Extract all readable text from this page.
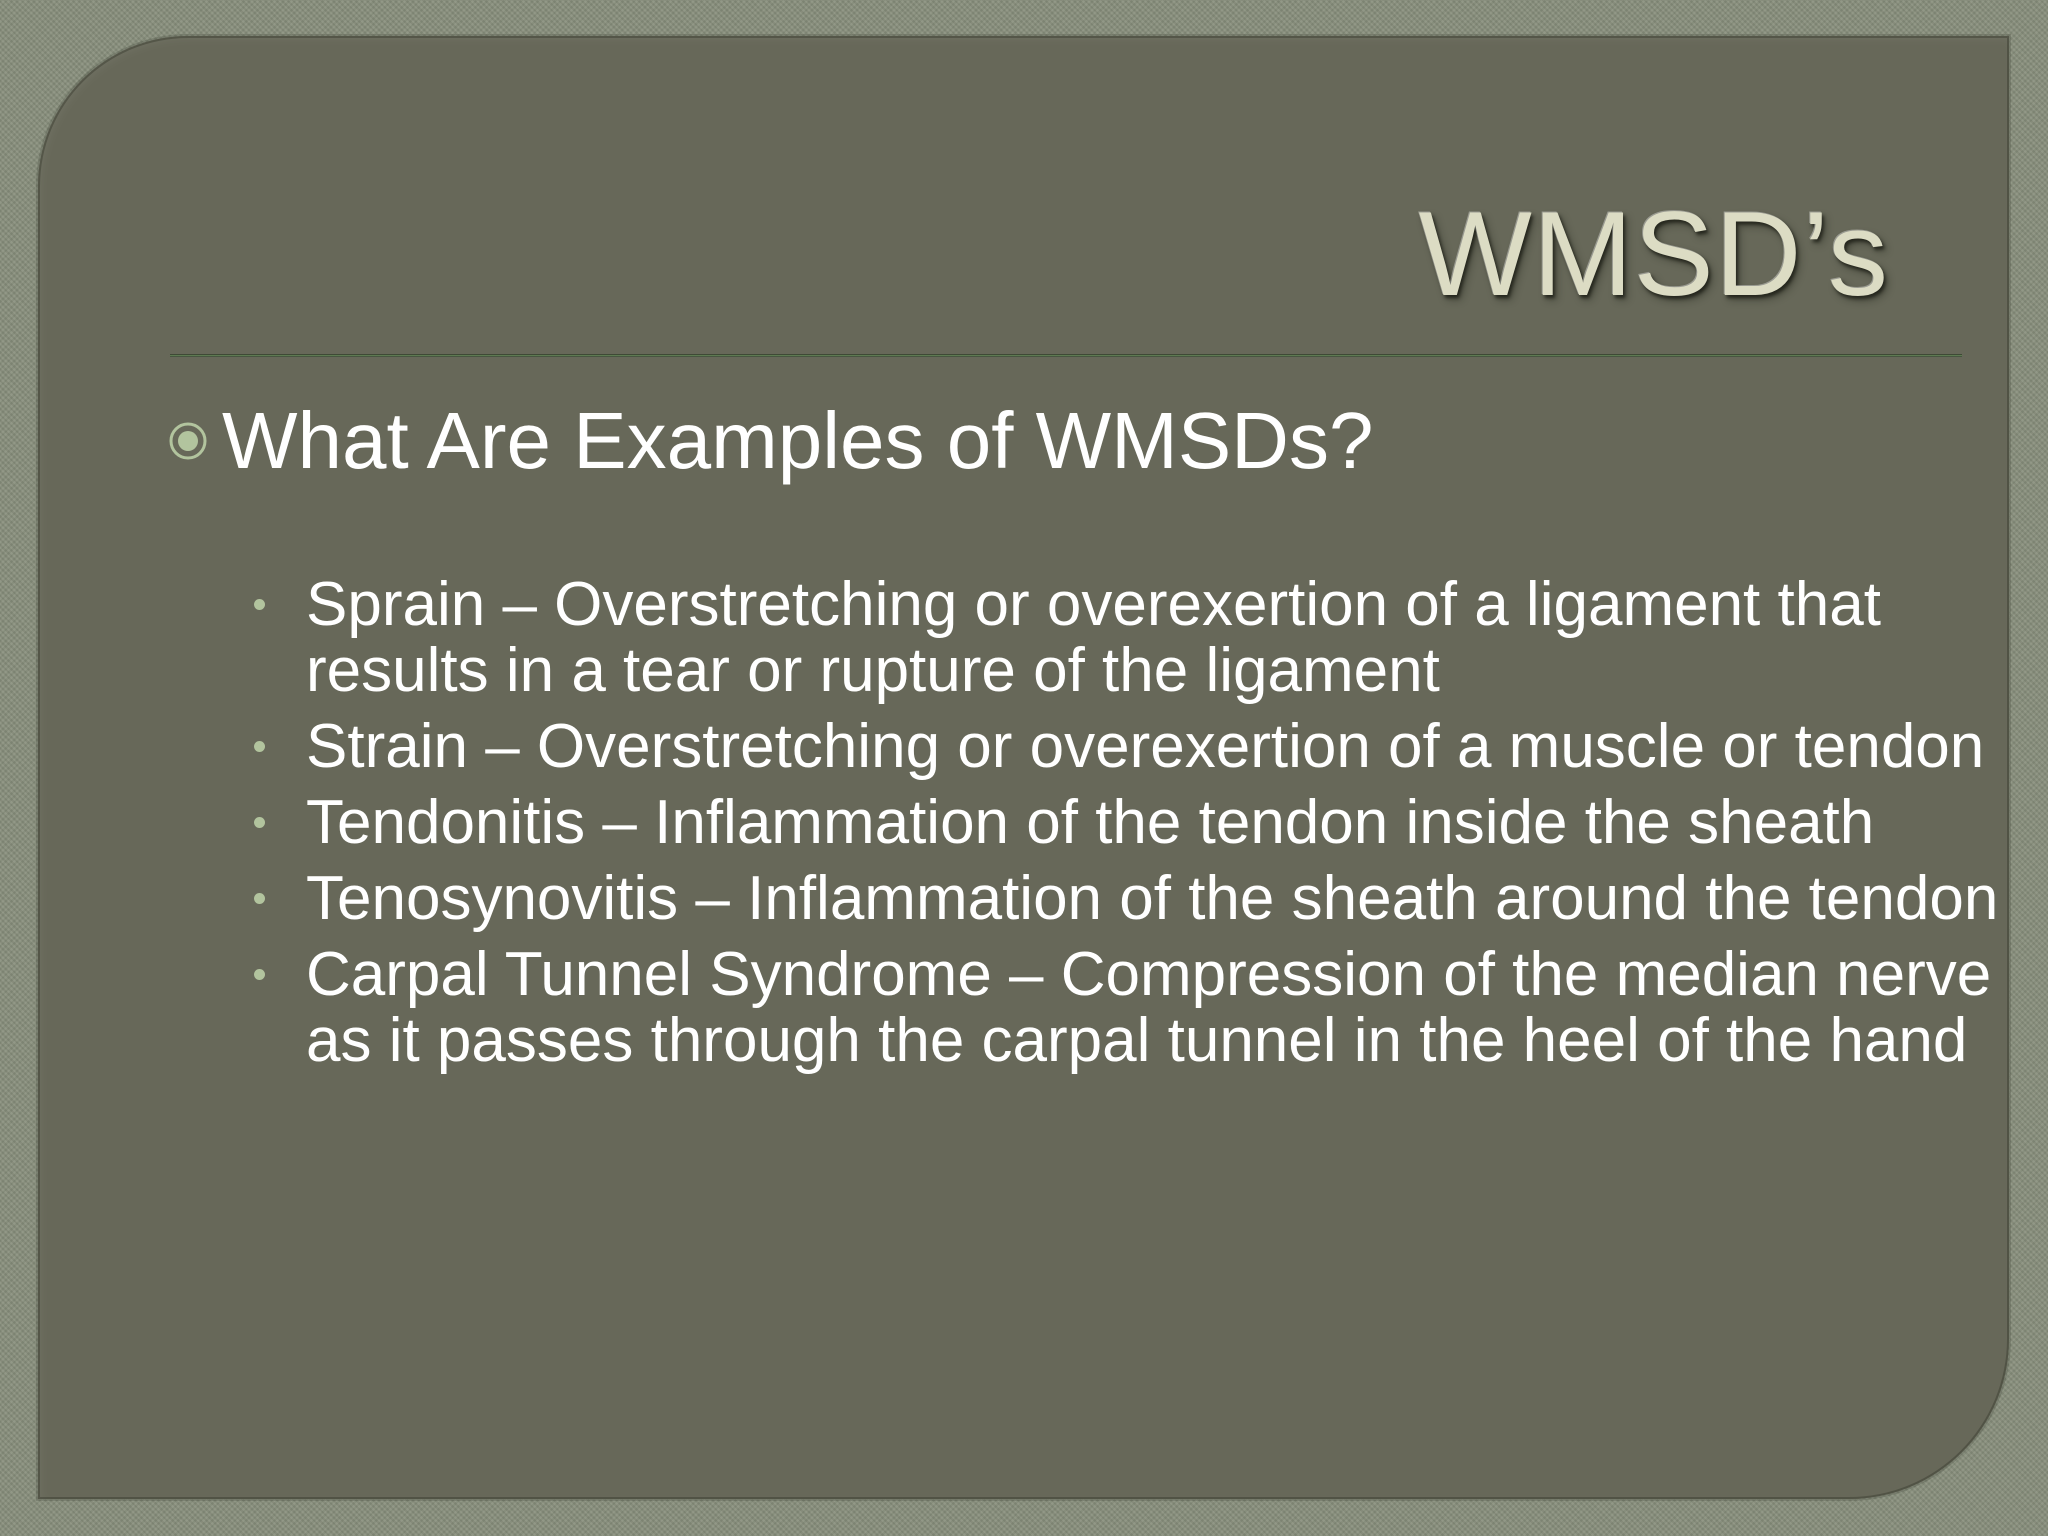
WMSD’s
What Are Examples of WMSDs?
Sprain – Overstretching or overexertion of a ligament that results in a tear or rupture of the ligament
Strain – Overstretching or overexertion of a muscle or tendon
Tendonitis – Inflammation of the tendon inside the sheath
Tenosynovitis – Inflammation of the sheath around the tendon
Carpal Tunnel Syndrome – Compression of the median nerve as it passes through the carpal tunnel in the heel of the hand
